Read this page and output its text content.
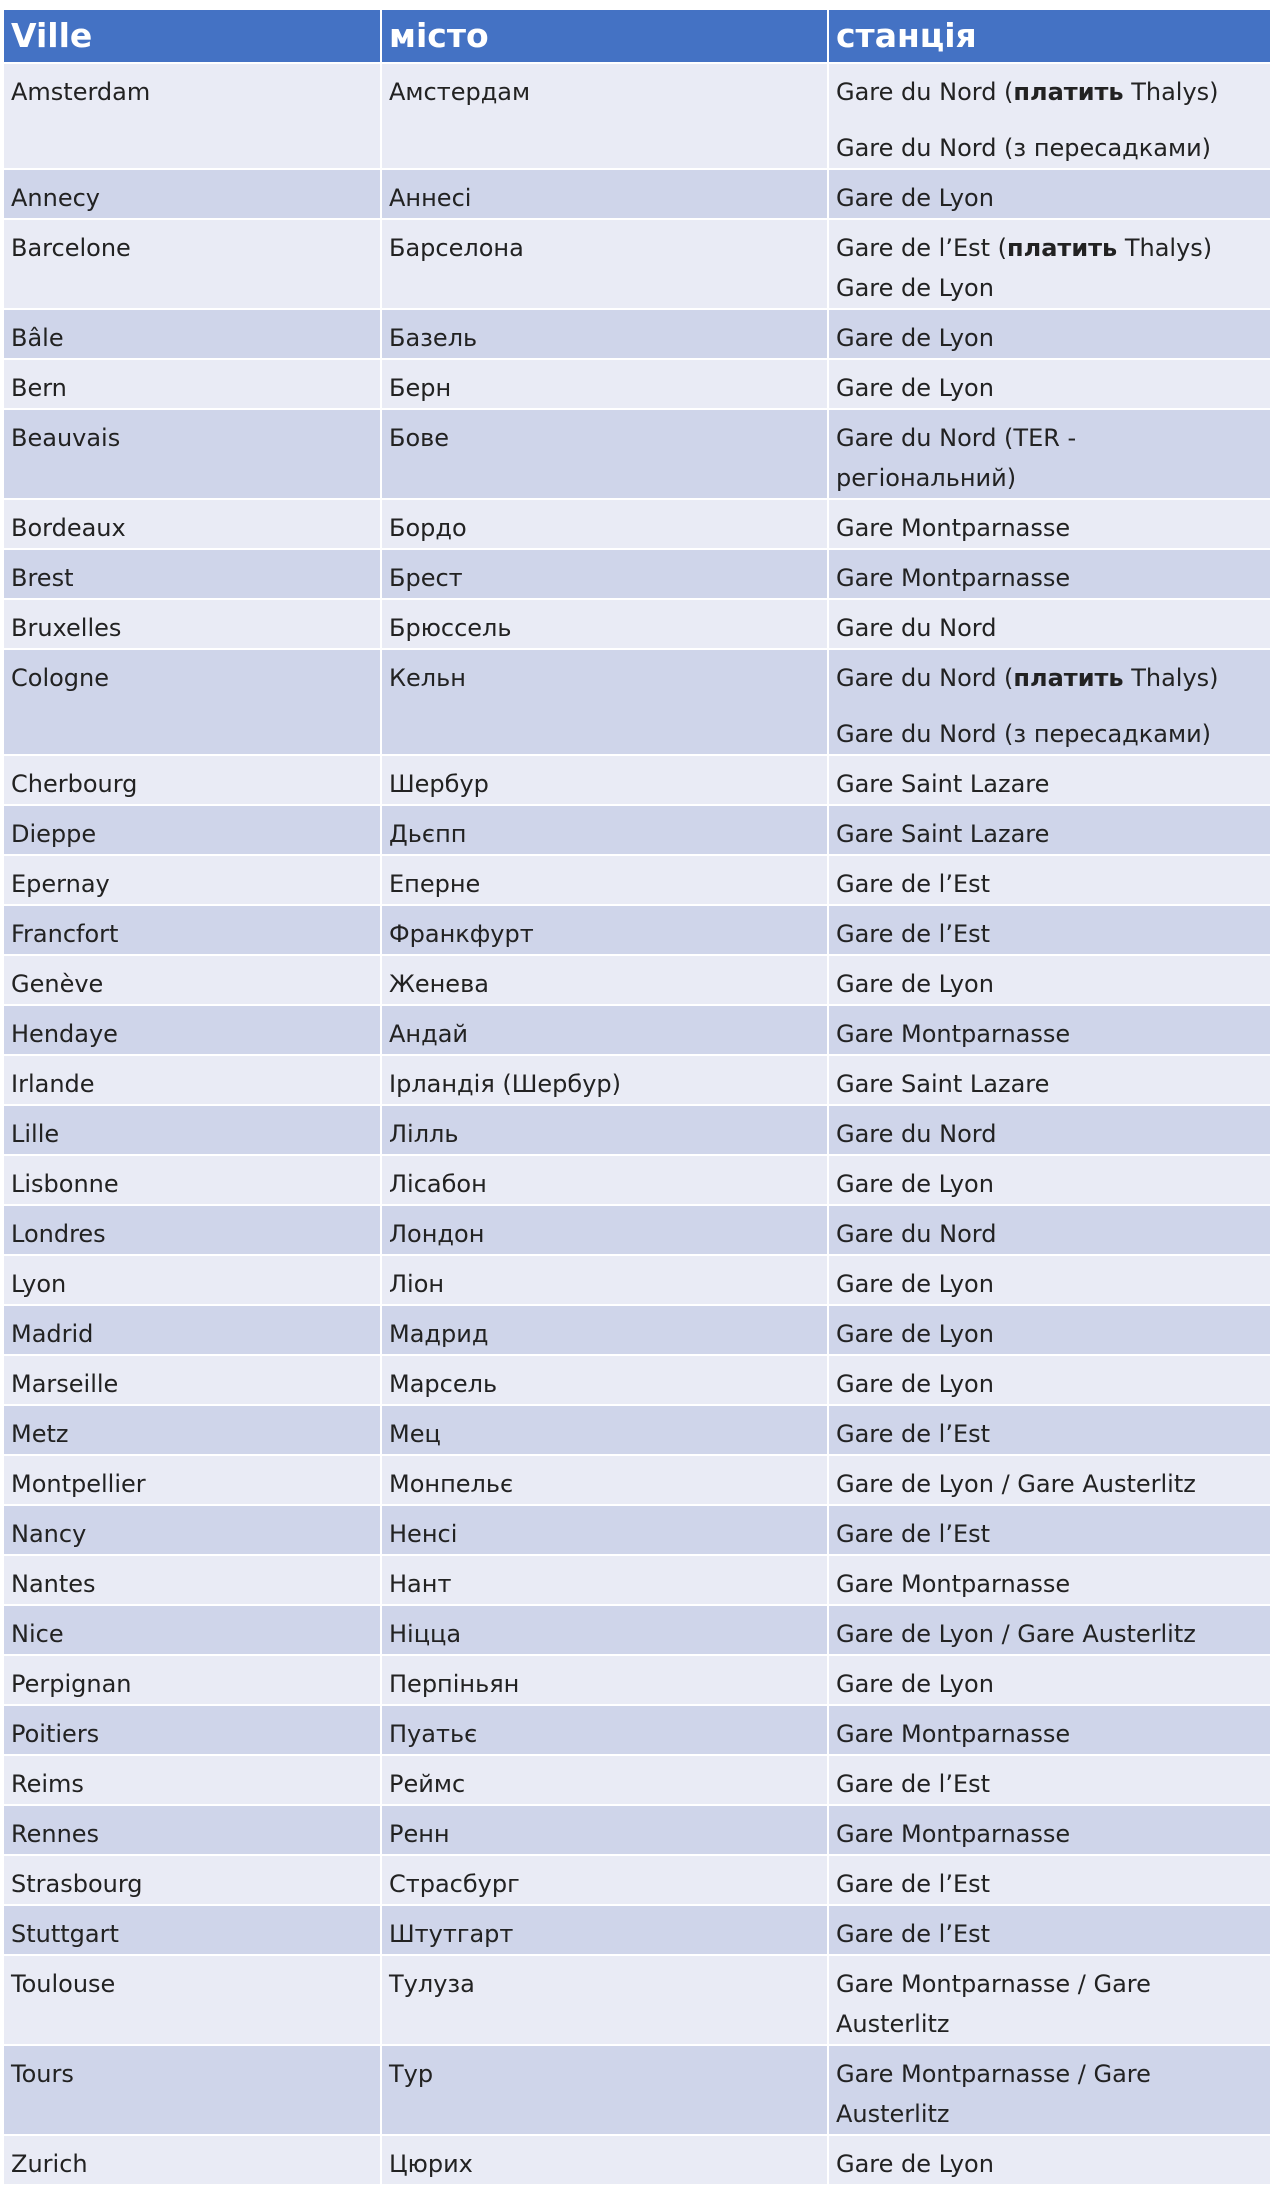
Ville	місто	станція
Amsterdam	Амстердам	Gare du Nord (платить Thalys)
Gare du Nord (з пересадками)

Annecy	Аннесі	Gare de Lyon

Barcelone	Барселона	Gare de l’Est (платить Thalys)
Gare de Lyon

Bâle	Базель	Gare de Lyon

Bern	Берн	Gare de Lyon

Beauvais	Бове	Gare du Nord (TER -
регіональний)

Bordeaux	Бордо	Gare Montparnasse

Brest	Брест	Gare Montparnasse

Bruxelles	Брюссель	Gare du Nord

Cologne	Кельн	Gare du Nord (платить Thalys)
Gare du Nord (з пересадками)

Cherbourg	Шербур	Gare Saint Lazare

Dieppe	Дьєпп	Gare Saint Lazare

Epernay	Еперне	Gare de l’Est

Francfort	Франкфурт	Gare de l’Est

Genève	Женева	Gare de Lyon

Hendaye	Андай	Gare Montparnasse

Irlande	Ірландія (Шербур)	Gare Saint Lazare

Lille	Лілль	Gare du Nord

Lisbonne	Лісабон	Gare de Lyon

Londres	Лондон	Gare du Nord

Lyon	Ліон	Gare de Lyon

Madrid	Мадрид	Gare de Lyon

Marseille	Марсель	Gare de Lyon

Metz	Мец	Gare de l’Est

Montpellier	Монпельє	Gare de Lyon / Gare Austerlitz

Nancy	Ненсі	Gare de l’Est

Nantes	Нант	Gare Montparnasse

Nice	Ніцца	Gare de Lyon / Gare Austerlitz

Perpignan	Перпіньян	Gare de Lyon

Poitiers	Пуатьє	Gare Montparnasse

Reims	Реймс	Gare de l’Est

Rennes	Ренн	Gare Montparnasse

Strasbourg	Страсбург	Gare de l’Est

Stuttgart	Штутгарт	Gare de l’Est

Toulouse	Тулуза	Gare Montparnasse / Gare
Austerlitz

Tours	Тур	Gare Montparnasse / Gare
Austerlitz

Zurich	Цюрих	Gare de Lyon
